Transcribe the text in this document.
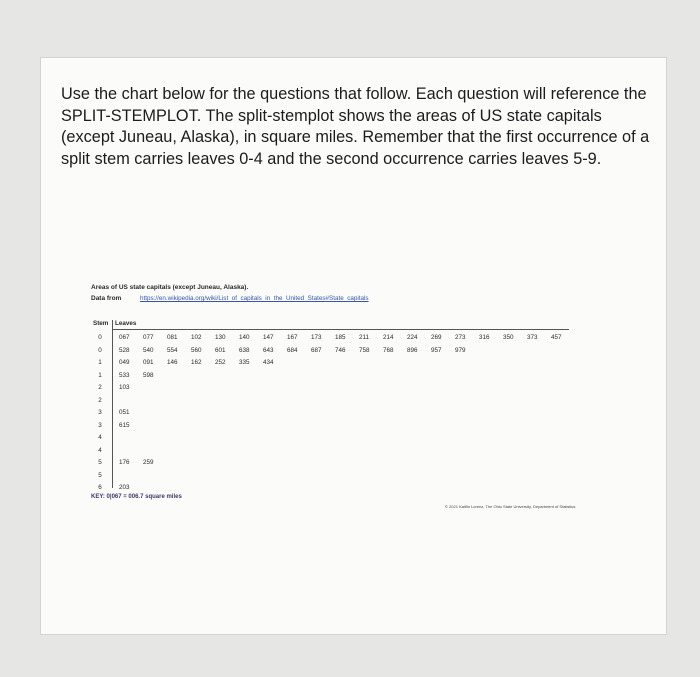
Use the chart below for the questions that follow. Each question will reference the SPLIT-STEMPLOT. The split-stemplot shows the areas of US state capitals (except Juneau, Alaska), in square miles. Remember that the first occurrence of a split stem carries leaves 0-4 and the second occurrence carries leaves 5-9.

Areas of US state capitals (except Juneau, Alaska).
Data from	https://en.wikipedia.org/wiki/List_of_capitals_in_the_United_States#State_capitals
Stem Leaves
0	067 077 081 102 130 140 147 167 173 185 211 214 224 269 273 316 350 373 457
0	528 540 554 560 601 638 643 684 687 746 758 768 896 957 979
1	049 091 146 162 252 335 434
1	533 598
2	103
2
3	051
3	615
4
4
5	176 259
5
6	203
KEY: 0|067 = 006.7 square miles
© 2021 Kaitlin Lorenz, The Ohio State University, Department of Statistics
